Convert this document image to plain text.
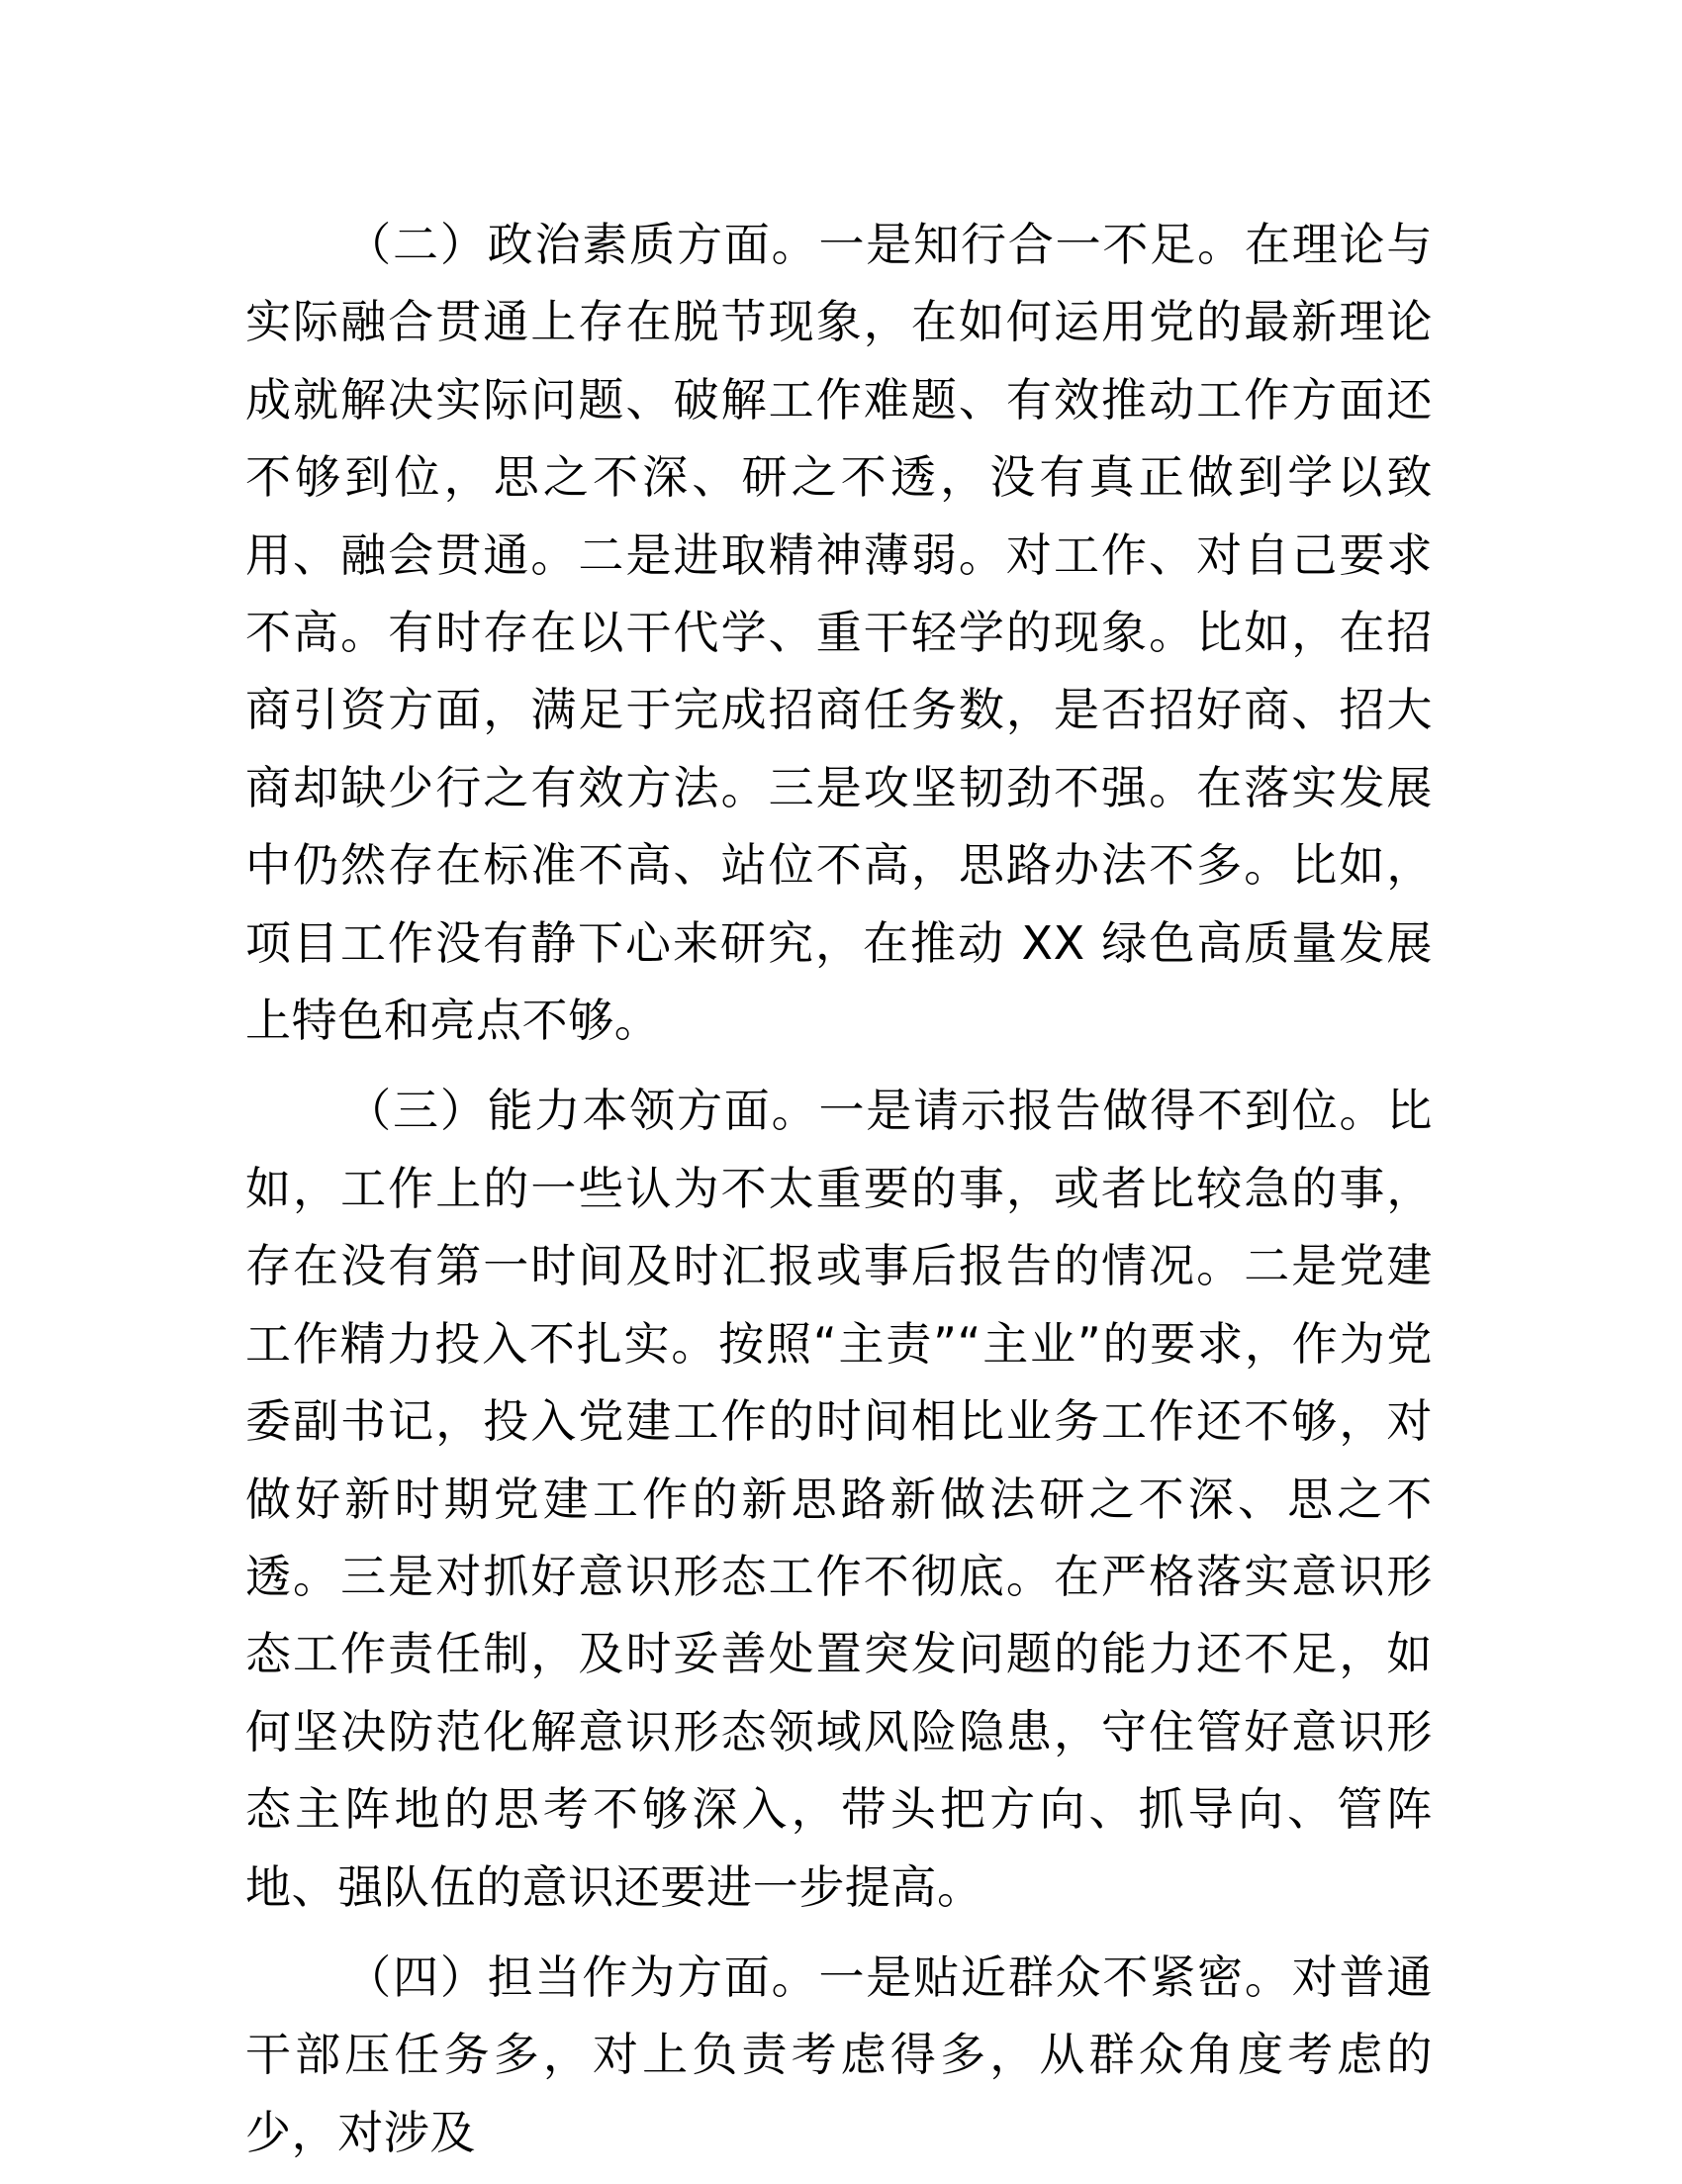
（二）政治素质方面。一是知行合一不足。在理论与实际融合贯通上存在脱节现象，在如何运用党的最新理论成就解决实际问题、破解工作难题、有效推动工作方面还不够到位，思之不深、研之不透，没有真正做到学以致用、融会贯通。二是进取精神薄弱。对工作、对自己要求不高。有时存在以干代学、重干轻学的现象。比如，在招商引资方面，满足于完成招商任务数，是否招好商、招大商却缺少行之有效方法。三是攻坚韧劲不强。在落实发展中仍然存在标准不高、站位不高，思路办法不多。比如，项目工作没有静下心来研究，在推动 XX 绿色高质量发展上特色和亮点不够。

（三）能力本领方面。一是请示报告做得不到位。比如，工作上的一些认为不太重要的事，或者比较急的事，存在没有第一时间及时汇报或事后报告的情况。二是党建工作精力投入不扎实。按照“主责”“主业”的要求，作为党委副书记，投入党建工作的时间相比业务工作还不够，对做好新时期党建工作的新思路新做法研之不深、思之不透。三是对抓好意识形态工作不彻底。在严格落实意识形态工作责任制，及时妥善处置突发问题的能力还不足，如何坚决防范化解意识形态领域风险隐患，守住管好意识形态主阵地的思考不够深入，带头把方向、抓导向、管阵地、强队伍的意识还要进一步提高。

（四）担当作为方面。一是贴近群众不紧密。对普通干部压任务多，对上负责考虑得多，从群众角度考虑的少，对涉及
